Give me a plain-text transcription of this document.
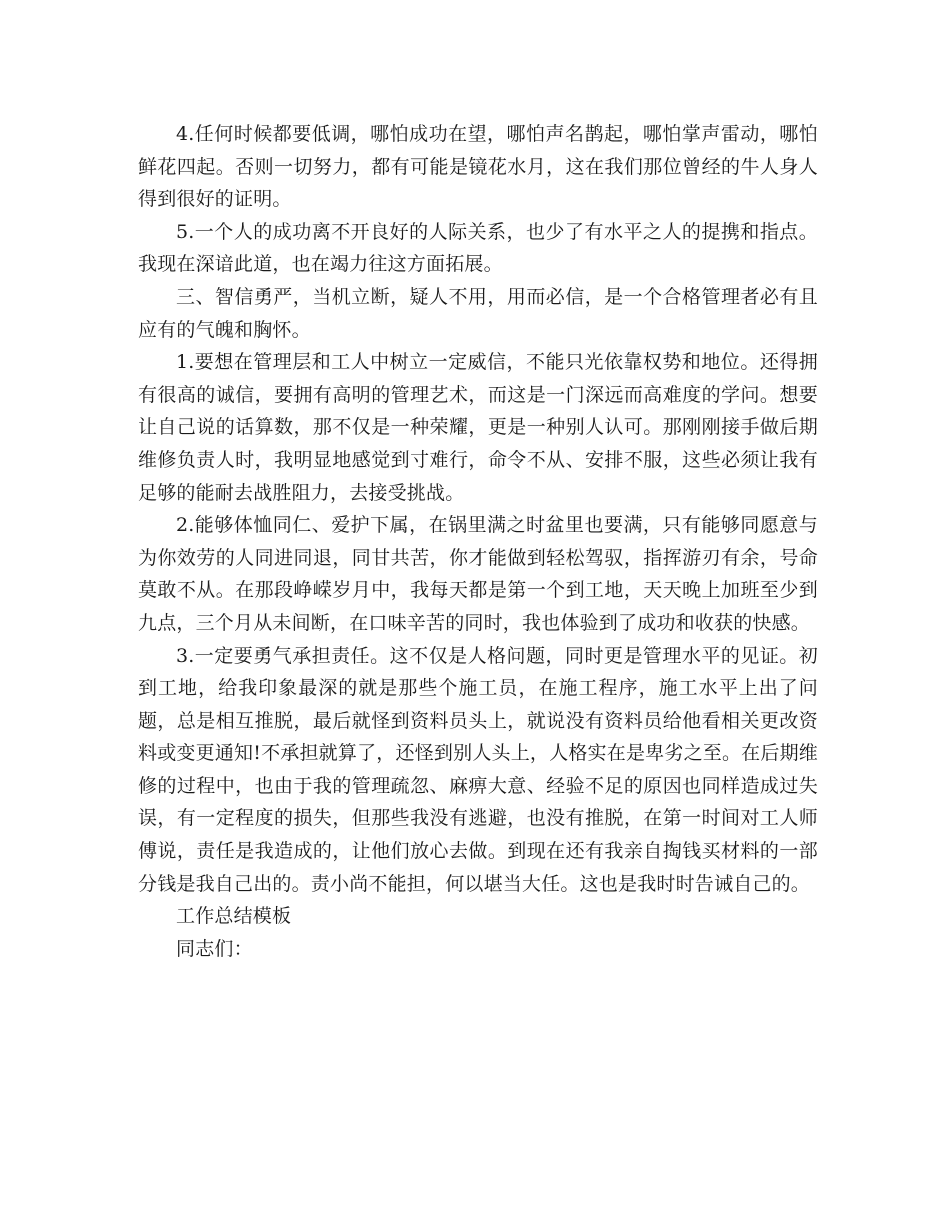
4.任何时候都要低调，哪怕成功在望，哪怕声名鹊起，哪怕掌声雷动，哪怕鲜花四起。否则一切努力，都有可能是镜花水月，这在我们那位曾经的牛人身人得到很好的证明。

5.一个人的成功离不开良好的人际关系，也少了有水平之人的提携和指点。我现在深谙此道，也在竭力往这方面拓展。

三、智信勇严，当机立断，疑人不用，用而必信，是一个合格管理者必有且应有的气魄和胸怀。

1.要想在管理层和工人中树立一定威信，不能只光依靠权势和地位。还得拥有很高的诚信，要拥有高明的管理艺术，而这是一门深远而高难度的学问。想要让自己说的话算数，那不仅是一种荣耀，更是一种别人认可。那刚刚接手做后期维修负责人时，我明显地感觉到寸难行，命令不从、安排不服，这些必须让我有足够的能耐去战胜阻力，去接受挑战。

2.能够体恤同仁、爱护下属，在锅里满之时盆里也要满，只有能够同愿意与为你效劳的人同进同退，同甘共苦，你才能做到轻松驾驭，指挥游刃有余，号命莫敢不从。在那段峥嵘岁月中，我每天都是第一个到工地，天天晚上加班至少到九点，三个月从未间断，在口味辛苦的同时，我也体验到了成功和收获的快感。

3.一定要勇气承担责任。这不仅是人格问题，同时更是管理水平的见证。初到工地，给我印象最深的就是那些个施工员，在施工程序，施工水平上出了问题，总是相互推脱，最后就怪到资料员头上，就说没有资料员给他看相关更改资料或变更通知!不承担就算了，还怪到别人头上，人格实在是卑劣之至。在后期维修的过程中，也由于我的管理疏忽、麻痹大意、经验不足的原因也同样造成过失误，有一定程度的损失，但那些我没有逃避，也没有推脱，在第一时间对工人师傅说，责任是我造成的，让他们放心去做。到现在还有我亲自掏钱买材料的一部分钱是我自己出的。责小尚不能担，何以堪当大任。这也是我时时告诫自己的。

工作总结模板

同志们：
